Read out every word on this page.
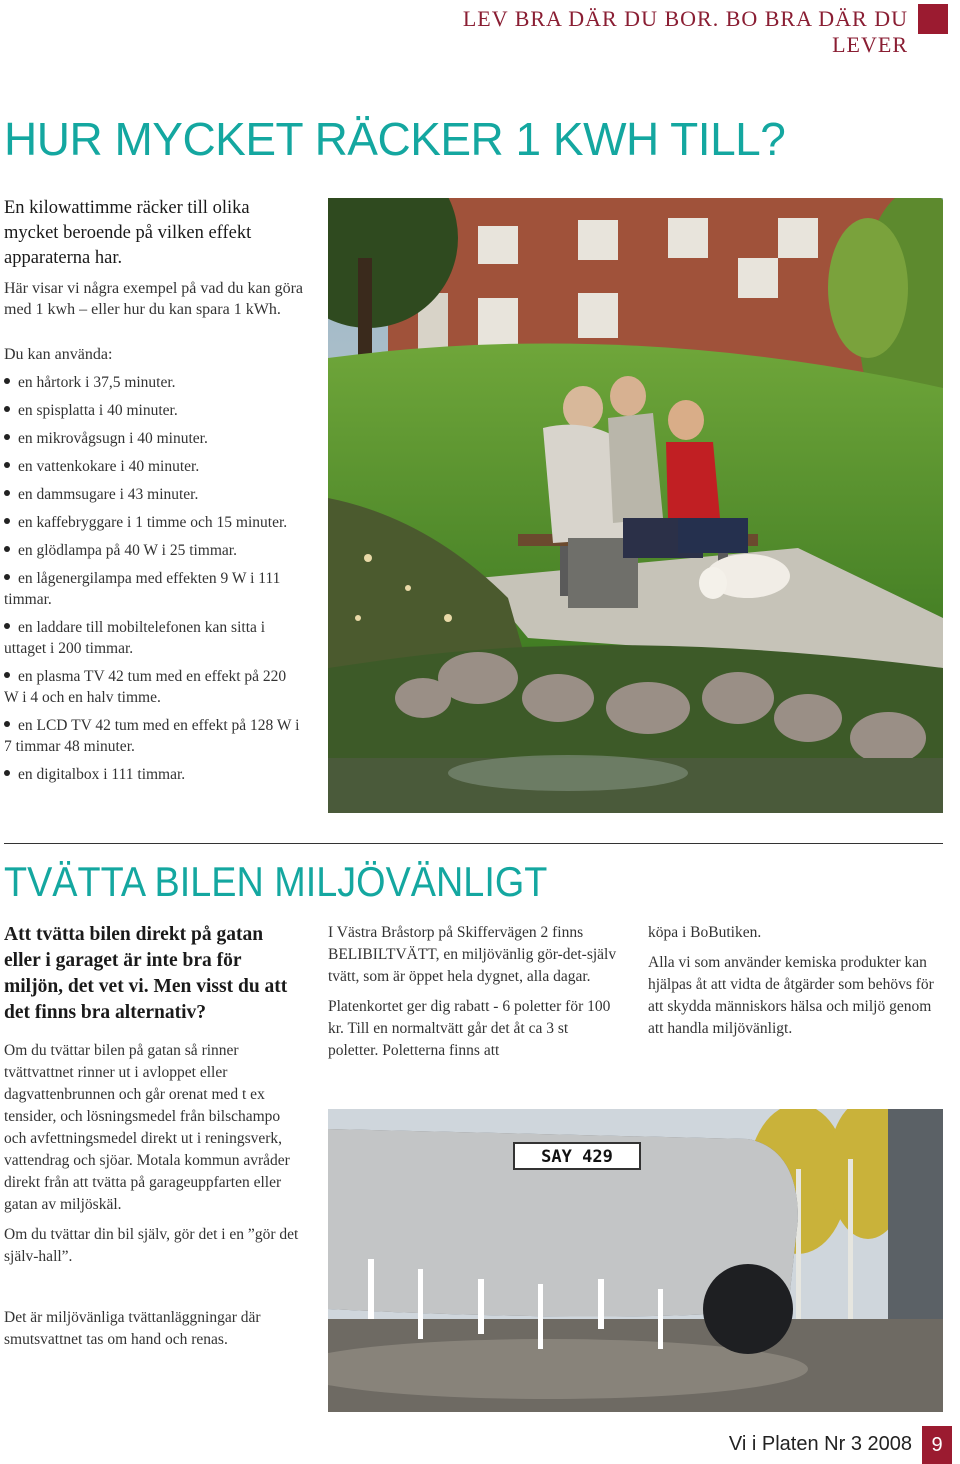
LEV BRA DÄR DU BOR. BO BRA DÄR DU LEVER
HUR MYCKET RÄCKER 1 KWH TILL?
En kilowattimme räcker till olika mycket beroende på vilken effekt apparaterna har.
Här visar vi några exempel på vad du kan göra med 1 kwh – eller hur du kan spara 1 kWh.
Du kan använda:
en hårtork i 37,5 minuter.
en spisplatta i 40 minuter.
en mikrovågsugn i 40 minuter.
en vattenkokare i 40 minuter.
en dammsugare i 43 minuter.
en kaffebryggare i 1 timme och 15 minuter.
en glödlampa på 40 W i 25 timmar.
en lågenergilampa med effekten 9 W i 111 timmar.
en laddare till mobiltelefonen kan sitta i uttaget i 200 timmar.
en plasma TV 42 tum med en effekt på 220 W i 4 och en halv timme.
en LCD TV 42 tum med en effekt på 128 W i 7 timmar 48 minuter.
en digitalbox i 111 timmar.
TVÄTTA BILEN MILJÖVÄNLIGT
Att tvätta bilen direkt på gatan eller i garaget är inte bra för miljön, det vet vi. Men visst du att det finns bra alternativ?

Om du tvättar bilen på gatan så rinner tvättvattnet rinner ut i avloppet eller dagvattenbrunnen och går orenat med t ex tensider, och lösningsmedel från bilschampo och avfettningsmedel direkt ut i reningsverk, vattendrag och sjöar. Motala kommun avråder direkt från att tvätta på garageuppfarten eller gatan av miljöskäl.

Om du tvättar din bil själv, gör det i en ”gör det själv-hall”.

Det är miljövänliga tvättanläggningar där smutsvattnet tas om hand och renas.

I Västra Bråstorp på Skiffervägen 2 finns BELIBILTVÄTT, en miljövänlig gör-det-själv tvätt, som är öppet hela dygnet, alla dagar.

Platenkortet ger dig rabatt - 6 poletter för 100 kr. Till en normaltvätt går det åt ca 3 st poletter. Poletterna finns att

köpa i BoButiken.

Alla vi som använder kemiska produkter kan hjälpas åt att vidta de åtgärder som behövs för att skydda människors hälsa och miljö genom att handla miljövänligt.

SAY 429
Vi i Platen Nr 3 2008 9
